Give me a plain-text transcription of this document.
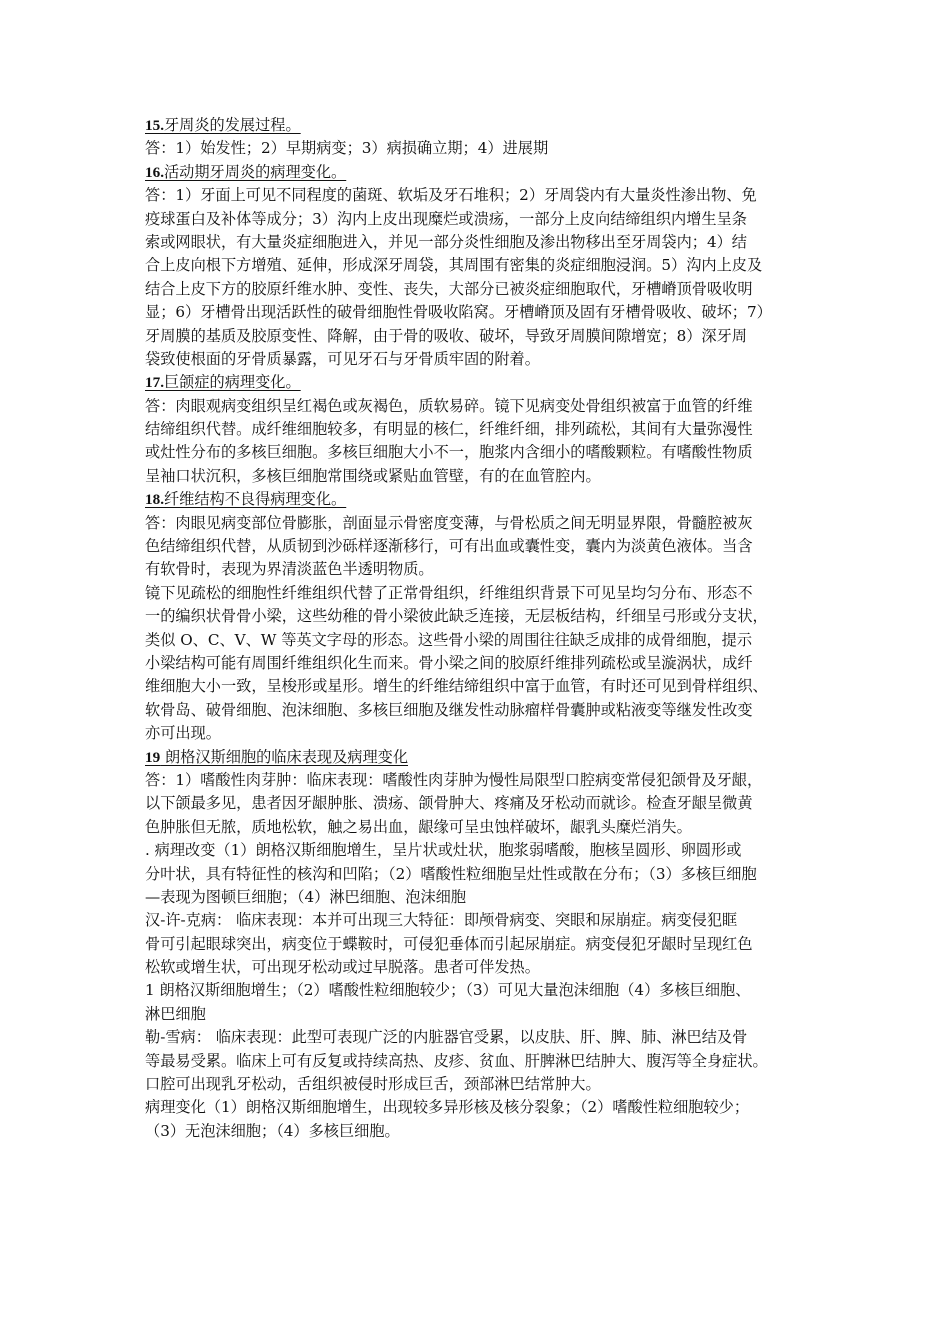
15.牙周炎的发展过程。
答：1）始发性；2）早期病变；3）病损确立期；4）进展期
16.活动期牙周炎的病理变化。
答：1）牙面上可见不同程度的菌斑、软垢及牙石堆积；2）牙周袋内有大量炎性渗出物、免
疫球蛋白及补体等成分；3）沟内上皮出现糜烂或溃疡，一部分上皮向结缔组织内增生呈条
索或网眼状，有大量炎症细胞进入，并见一部分炎性细胞及渗出物移出至牙周袋内；4）结
合上皮向根下方增殖、延伸，形成深牙周袋，其周围有密集的炎症细胞浸润。5）沟内上皮及
结合上皮下方的胶原纤维水肿、变性、丧失，大部分已被炎症细胞取代，牙槽嵴顶骨吸收明
显；6）牙槽骨出现活跃性的破骨细胞性骨吸收陷窝。牙槽嵴顶及固有牙槽骨吸收、破坏；7）
牙周膜的基质及胶原变性、降解，由于骨的吸收、破坏，导致牙周膜间隙增宽；8）深牙周
袋致使根面的牙骨质暴露，可见牙石与牙骨质牢固的附着。
17.巨颌症的病理变化。
答：肉眼观病变组织呈红褐色或灰褐色，质软易碎。镜下见病变处骨组织被富于血管的纤维
结缔组织代替。成纤维细胞较多，有明显的核仁，纤维纤细，排列疏松，其间有大量弥漫性
或灶性分布的多核巨细胞。多核巨细胞大小不一，胞浆内含细小的嗜酸颗粒。有嗜酸性物质
呈袖口状沉积，多核巨细胞常围绕或紧贴血管壁，有的在血管腔内。
18.纤维结构不良得病理变化。
答：肉眼见病变部位骨膨胀，剖面显示骨密度变薄，与骨松质之间无明显界限，骨髓腔被灰
色结缔组织代替，从质韧到沙砾样逐渐移行，可有出血或囊性变，囊内为淡黄色液体。当含
有软骨时，表现为界清淡蓝色半透明物质。
镜下见疏松的细胞性纤维组织代替了正常骨组织，纤维组织背景下可见呈均匀分布、形态不
一的编织状骨骨小梁，这些幼稚的骨小梁彼此缺乏连接，无层板结构，纤细呈弓形或分支状，
类似 O、C、V、W 等英文字母的形态。这些骨小梁的周围往往缺乏成排的成骨细胞，提示
小梁结构可能有周围纤维组织化生而来。骨小梁之间的胶原纤维排列疏松或呈漩涡状，成纤
维细胞大小一致，呈梭形或星形。增生的纤维结缔组织中富于血管，有时还可见到骨样组织、
软骨岛、破骨细胞、泡沫细胞、多核巨细胞及继发性动脉瘤样骨囊肿或粘液变等继发性改变
亦可出现。
19 朗格汉斯细胞的临床表现及病理变化
答：1）嗜酸性肉芽肿：临床表现：嗜酸性肉芽肿为慢性局限型口腔病变常侵犯颌骨及牙龈，
以下颌最多见，患者因牙龈肿胀、溃疡、颌骨肿大、疼痛及牙松动而就诊。检查牙龈呈微黄
色肿胀但无脓，质地松软，触之易出血，龈缘可呈虫蚀样破坏，龈乳头糜烂消失。
. 病理改变（1）朗格汉斯细胞增生，呈片状或灶状，胞浆弱嗜酸，胞核呈圆形、卵圆形或
分叶状，具有特征性的核沟和凹陷；（2）嗜酸性粒细胞呈灶性或散在分布；（3）多核巨细胞
—表现为图顿巨细胞；（4）淋巴细胞、泡沫细胞
汉-许-克病： 临床表现：本并可出现三大特征：即颅骨病变、突眼和尿崩症。病变侵犯眶
骨可引起眼球突出，病变位于蝶鞍时，可侵犯垂体而引起尿崩症。病变侵犯牙龈时呈现红色
松软或增生状，可出现牙松动或过早脱落。患者可伴发热。
1 朗格汉斯细胞增生；（2）嗜酸性粒细胞较少；（3）可见大量泡沫细胞（4）多核巨细胞、
淋巴细胞
勒-雪病： 临床表现：此型可表现广泛的内脏器官受累，以皮肤、肝、脾、肺、淋巴结及骨
等最易受累。临床上可有反复或持续高热、皮疹、贫血、肝脾淋巴结肿大、腹泻等全身症状。
口腔可出现乳牙松动，舌组织被侵时形成巨舌，颈部淋巴结常肿大。
病理变化（1）朗格汉斯细胞增生，出现较多异形核及核分裂象；（2）嗜酸性粒细胞较少；
（3）无泡沫细胞；（4）多核巨细胞。
